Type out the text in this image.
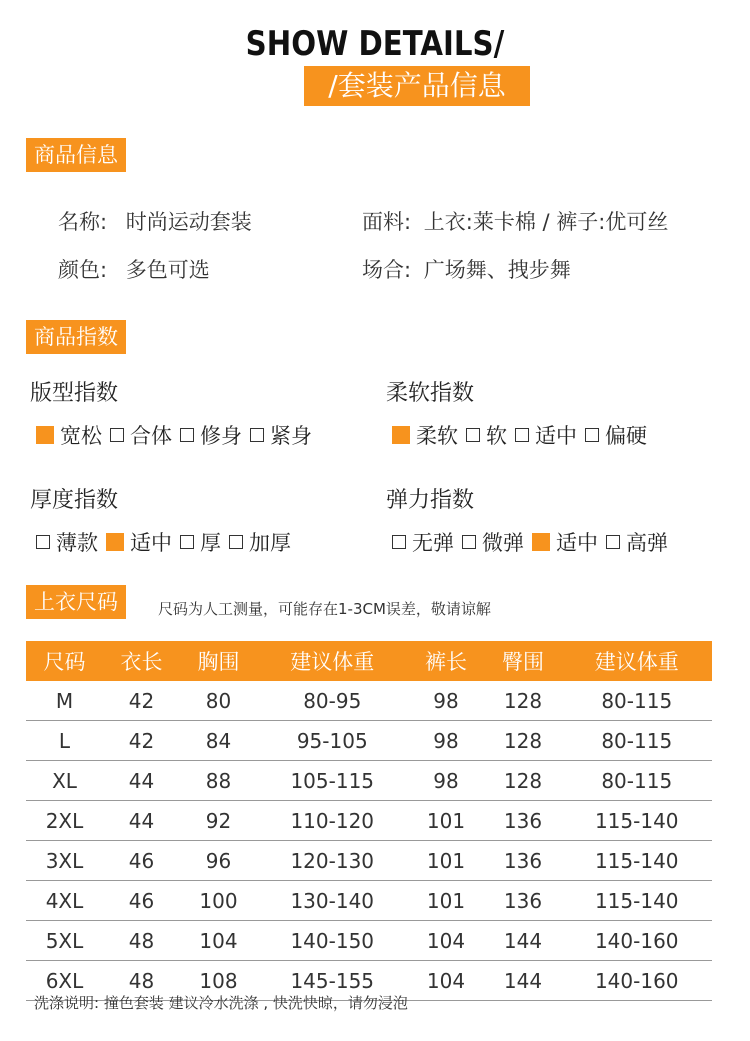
SHOW DETAILS/
/套装产品信息
商品信息
名称: 时尚运动套装	面料: 上衣:莱卡棉 / 裤子:优可丝
颜色: 多色可选	场合: 广场舞、拽步舞
商品指数
版型指数
宽松 合体 修身 紧身
柔软指数
柔软 软 适中 偏硬
厚度指数
薄款 适中 厚 加厚
弹力指数
无弹 微弹 适中 高弹
上衣尺码	尺码为人工测量，可能存在1-3CM误差，敬请谅解
尺码	衣长	胸围	建议体重	裤长	臀围	建议体重
M	42	80	80-95	98	128	80-115
L	42	84	95-105	98	128	80-115
XL	44	88	105-115	98	128	80-115
2XL	44	92	110-120	101	136	115-140
3XL	46	96	120-130	101	136	115-140
4XL	46	100	130-140	101	136	115-140
5XL	48	104	140-150	104	144	140-160
6XL	48	108	145-155	104	144	140-160
洗涤说明: 撞色套装 建议冷水洗涤 , 快洗快晾，请勿浸泡
